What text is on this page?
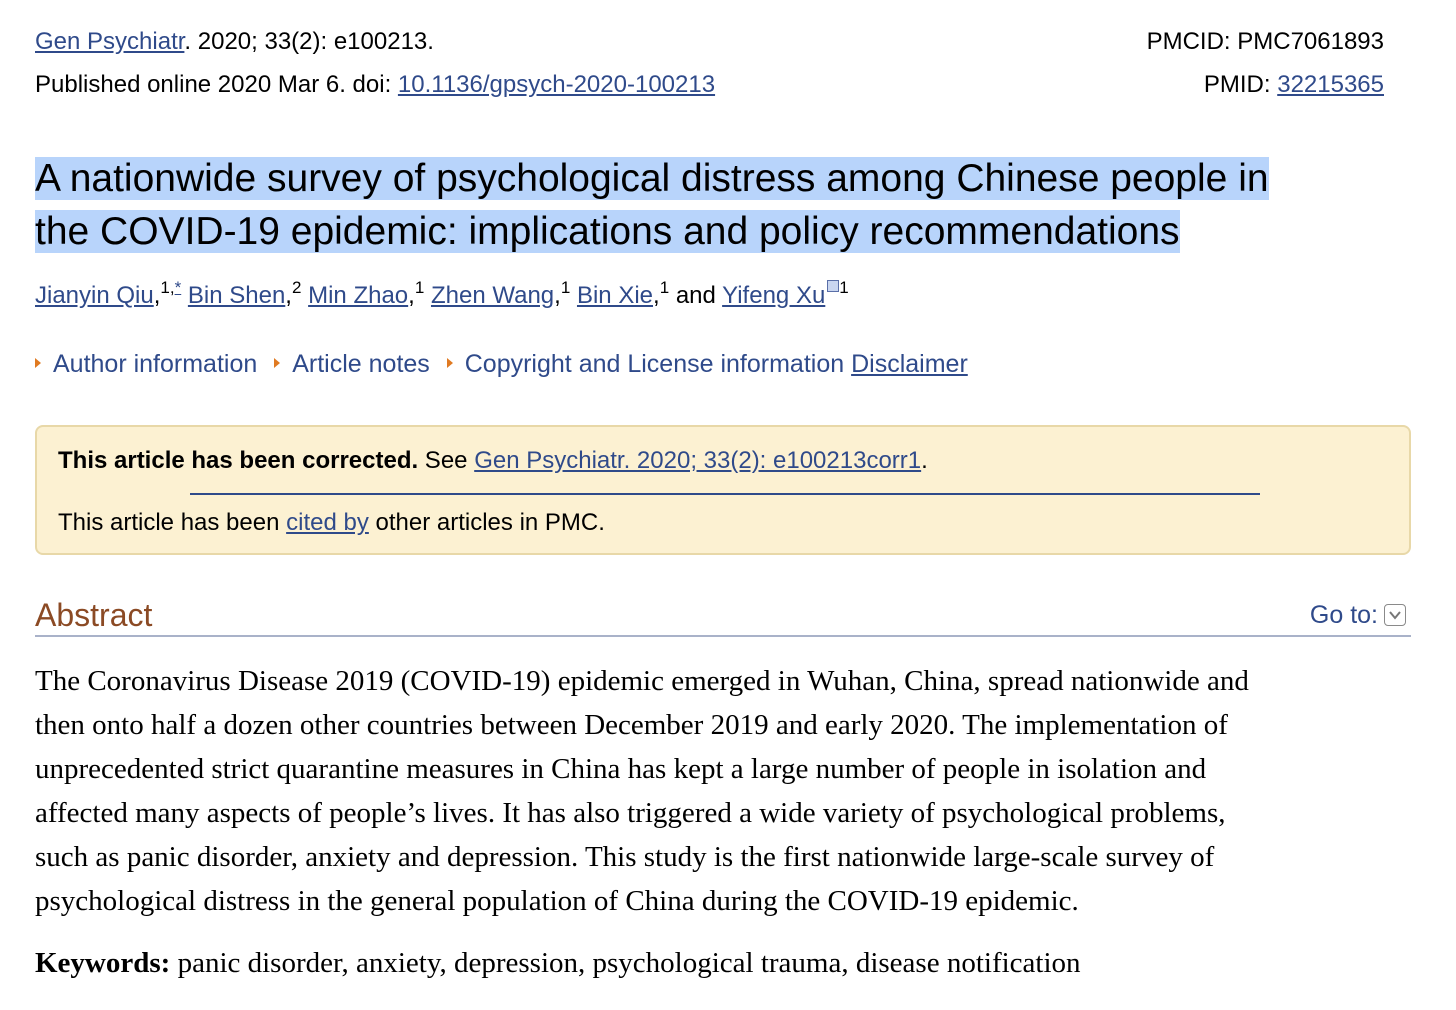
Gen Psychiatr. 2020; 33(2): e100213.	PMCID: PMC7061893
Published online 2020 Mar 6. doi: 10.1136/gpsych-2020-100213	PMID: 32215365
A nationwide survey of psychological distress among Chinese people in
the COVID-19 epidemic: implications and policy recommendations
Jianyin Qiu,$^{1,*}$ Bin Shen,$^2$ Min Zhao,$^1$ Zhen Wang,$^1$ Bin Xie,$^1$ and Yifeng Xu $^1$
Author information Article notes Copyright and License information Disclaimer
This article has been corrected. See Gen Psychiatr. 2020; 33(2): e100213corr1.
This article has been cited by other articles in PMC.
Abstract	Go to:
The Coronavirus Disease 2019 (COVID-19) epidemic emerged in Wuhan, China, spread nationwide and
then onto half a dozen other countries between December 2019 and early 2020. The implementation of
unprecedented strict quarantine measures in China has kept a large number of people in isolation and
affected many aspects of people’s lives. It has also triggered a wide variety of psychological problems,
such as panic disorder, anxiety and depression. This study is the first nationwide large-scale survey of
psychological distress in the general population of China during the COVID-19 epidemic.
Keywords: panic disorder, anxiety, depression, psychological trauma, disease notification
